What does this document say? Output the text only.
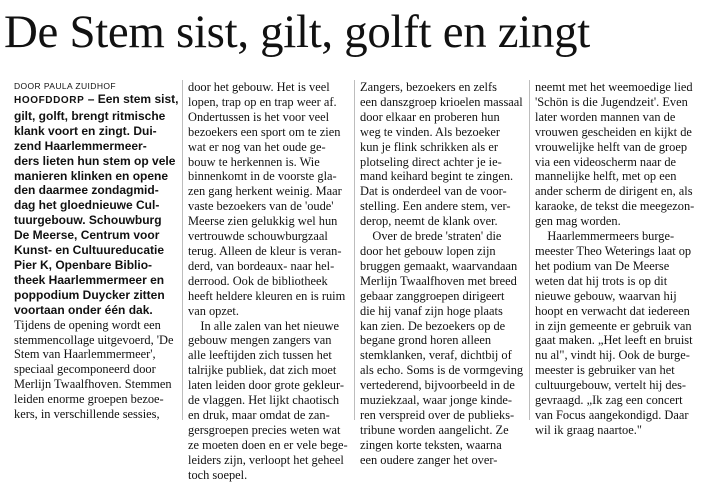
De Stem sist, gilt, golft en zingt
DOOR PAULA ZUIDHOF
HOOFDDORP – Een stem sist,
gilt, golft, brengt ritmische
klank voort en zingt. Dui-
zend Haarlemmermeer-
ders lieten hun stem op vele
manieren klinken en opene
den daarmee zondagmid-
dag het gloednieuwe Cul-
tuurgebouw. Schouwburg
De Meerse, Centrum voor
Kunst- en Cultuureducatie
Pier K, Openbare Biblio-
theek Haarlemmermeer en
poppodium Duycker zitten
voortaan onder één dak.
Tijdens de opening wordt een
stemmencollage uitgevoerd, 'De
Stem van Haarlemmermeer',
speciaal gecomponeerd door
Merlijn Twaalfhoven. Stemmen
leiden enorme groepen bezoe-
kers, in verschillende sessies,
door het gebouw. Het is veel
lopen, trap op en trap weer af.
Ondertussen is het voor veel
bezoekers een sport om te zien
wat er nog van het oude ge-
bouw te herkennen is. Wie
binnenkomt in de voorste gla-
zen gang herkent weinig. Maar
vaste bezoekers van de 'oude'
Meerse zien gelukkig wel hun
vertrouwde schouwburgzaal
terug. Alleen de kleur is veran-
derd, van bordeaux- naar hel-
derrood. Ook de bibliotheek
heeft heldere kleuren en is ruim
van opzet.
In alle zalen van het nieuwe
gebouw mengen zangers van
alle leeftijden zich tussen het
talrijke publiek, dat zich moet
laten leiden door grote gekleur-
de vlaggen. Het lijkt chaotisch
en druk, maar omdat de zan-
gersgroepen precies weten wat
ze moeten doen en er vele bege-
leiders zijn, verloopt het geheel
toch soepel.
Zangers, bezoekers en zelfs
een danszgroep krioelen massaal
door elkaar en proberen hun
weg te vinden. Als bezoeker
kun je flink schrikken als er
plotseling direct achter je ie-
mand keihard begint te zingen.
Dat is onderdeel van de voor-
stelling. Een andere stem, ver-
derop, neemt de klank over.
Over de brede 'straten' die
door het gebouw lopen zijn
bruggen gemaakt, waarvandaan
Merlijn Twaalfhoven met breed
gebaar zanggroepen dirigeert
die hij vanaf zijn hoge plaats
kan zien. De bezoekers op de
begane grond horen alleen
stemklanken, veraf, dichtbij of
als echo. Soms is de vormgeving
vertederend, bijvoorbeeld in de
muziekzaal, waar jonge kinde-
ren verspreid over de publieks-
tribune worden aangelicht. Ze
zingen korte teksten, waarna
een oudere zanger het over-
neemt met het weemoedige lied
'Schön is die Jugendzeit'. Even
later worden mannen van de
vrouwen gescheiden en kijkt de
vrouwelijke helft van de groep
via een videoscherm naar de
mannelijke helft, met op een
ander scherm de dirigent en, als
karaoke, de tekst die meegezon-
gen mag worden.
Haarlemmermeers burge-
meester Theo Weterings laat op
het podium van De Meerse
weten dat hij trots is op dit
nieuwe gebouw, waarvan hij
hoopt en verwacht dat iedereen
in zijn gemeente er gebruik van
gaat maken. „Het leeft en bruist
nu al", vindt hij. Ook de burge-
meester is gebruiker van het
cultuurgebouw, vertelt hij des-
gevraagd. „Ik zag een concert
van Focus aangekondigd. Daar
wil ik graag naartoe."
